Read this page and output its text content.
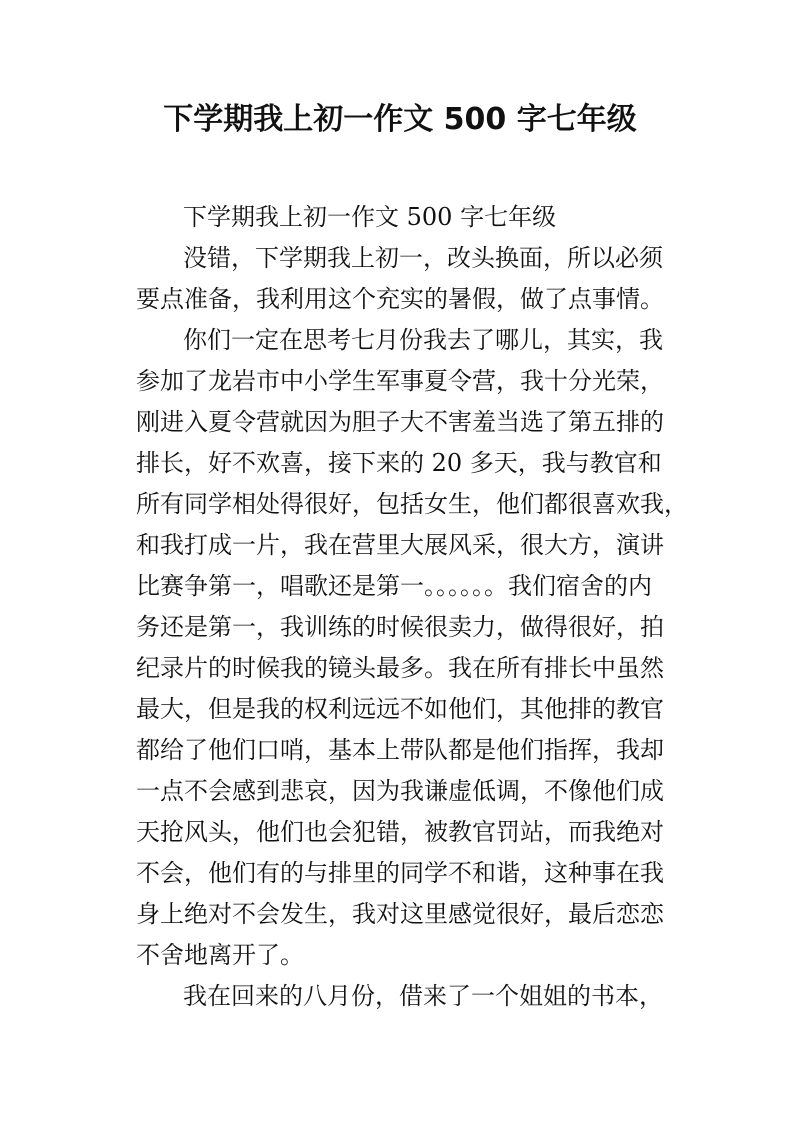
下学期我上初一作文 500 字七年级
下学期我上初一作文 500 字七年级
没错，下学期我上初一，改头换面，所以必须
要点准备，我利用这个充实的暑假，做了点事情。
你们一定在思考七月份我去了哪儿，其实，我
参加了龙岩市中小学生军事夏令营，我十分光荣，
刚进入夏令营就因为胆子大不害羞当选了第五排的
排长，好不欢喜，接下来的 20 多天，我与教官和
所有同学相处得很好，包括女生，他们都很喜欢我，
和我打成一片，我在营里大展风采，很大方，演讲
比赛争第一，唱歌还是第一。。。。。。我们宿舍的内
务还是第一，我训练的时候很卖力，做得很好，拍
纪录片的时候我的镜头最多。我在所有排长中虽然
最大，但是我的权利远远不如他们，其他排的教官
都给了他们口哨，基本上带队都是他们指挥，我却
一点不会感到悲哀，因为我谦虚低调，不像他们成
天抢风头，他们也会犯错，被教官罚站，而我绝对
不会，他们有的与排里的同学不和谐，这种事在我
身上绝对不会发生，我对这里感觉很好，最后恋恋
不舍地离开了。
我在回来的八月份，借来了一个姐姐的书本，
